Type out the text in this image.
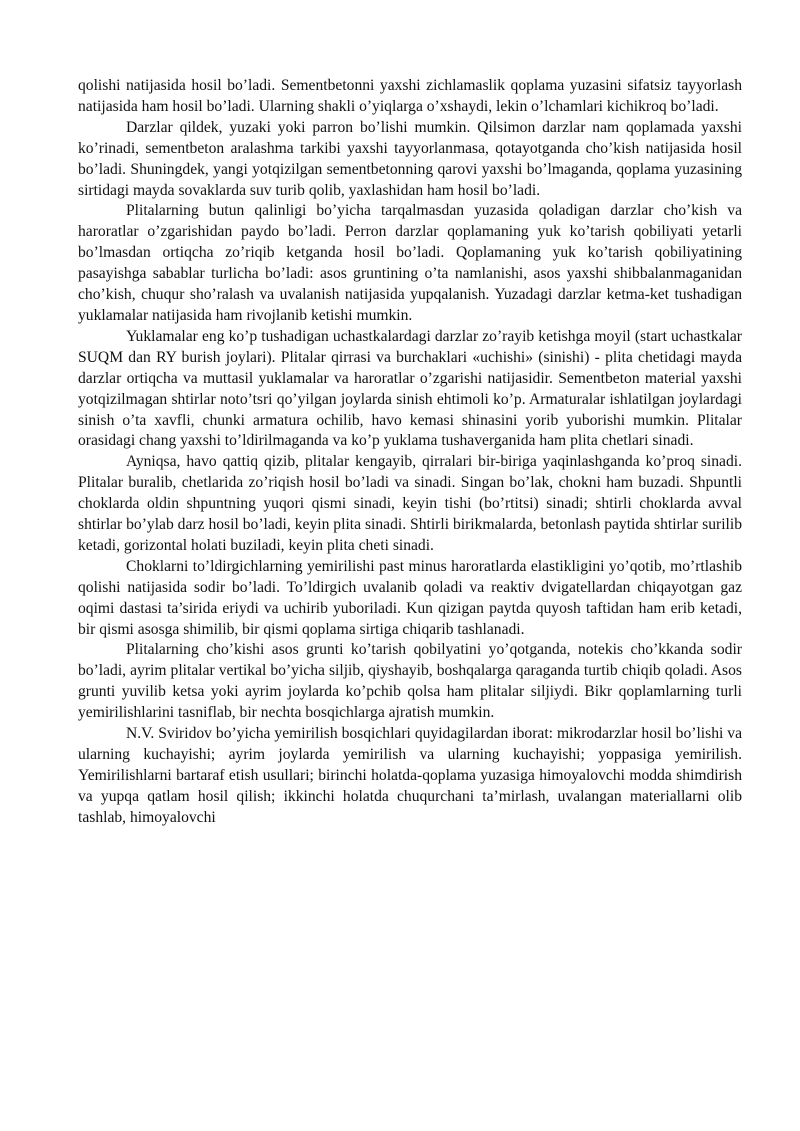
qolishi natijasida hosil bo’ladi. Sementbetonni yaxshi zichlamaslik qoplama yuzasini sifatsiz tayyorlash natijasida ham hosil bo’ladi. Ularning shakli o’yiqlarga o’xshaydi, lekin o’lchamlari kichikroq bo’ladi.

Darzlar qildek, yuzaki yoki parron bo’lishi mumkin. Qilsimon darzlar nam qoplamada yaxshi ko’rinadi, sementbeton aralashma tarkibi yaxshi tayyorlanmasa, qotayotganda cho’kish natijasida hosil bo’ladi. Shuningdek, yangi yotqizilgan sementbetonning qarovi yaxshi bo’lmaganda, qoplama yuzasining sirtidagi mayda sovaklarda suv turib qolib, yaxlashidan ham hosil bo’ladi.

Plitalarning butun qalinligi bo’yicha tarqalmasdan yuzasida qoladigan darzlar cho’kish va haroratlar o’zgarishidan paydo bo’ladi. Perron darzlar qoplamaning yuk ko’tarish qobiliyati yetarli bo’lmasdan ortiqcha zo’riqib ketganda hosil bo’ladi. Qoplamaning yuk ko’tarish qobiliyatining pasayishga sabablar turlicha bo’ladi: asos gruntining o’ta namlanishi, asos yaxshi shibbalanmaganidan cho’kish, chuqur sho’ralash va uvalanish natijasida yupqalanish. Yuzadagi darzlar ketma-ket tushadigan yuklamalar natijasida ham rivojlanib ketishi mumkin.

Yuklamalar eng ko’p tushadigan uchastkalardagi darzlar zo’rayib ketishga moyil (start uchastkalar SUQM dan RY burish joylari). Plitalar qirrasi va burchaklari «uchishi» (sinishi) - plita chetidagi mayda darzlar ortiqcha va muttasil yuklamalar va haroratlar o’zgarishi natijasidir. Sementbeton material yaxshi yotqizilmagan shtirlar noto’tsri qo’yilgan joylarda sinish ehtimoli ko’p. Armaturalar ishlatilgan joylardagi sinish o’ta xavfli, chunki armatura ochilib, havo kemasi shinasini yorib yuborishi mumkin. Plitalar orasidagi chang yaxshi to’ldirilmaganda va ko’p yuklama tushaverganida ham plita chetlari sinadi.

Ayniqsa, havo qattiq qizib, plitalar kengayib, qirralari bir-biriga yaqinlashganda ko’proq sinadi. Plitalar buralib, chetlarida zo’riqish hosil bo’ladi va sinadi. Singan bo’lak, chokni ham buzadi. Shpuntli choklarda oldin shpuntning yuqori qismi sinadi, keyin tishi (bo’rtitsi) sinadi; shtirli choklarda avval shtirlar bo’ylab darz hosil bo’ladi, keyin plita sinadi. Shtirli birikmalarda, betonlash paytida shtirlar surilib ketadi, gorizontal holati buziladi, keyin plita cheti sinadi.

Choklarni to’ldirgichlarning yemirilishi past minus haroratlarda elastikligini yo’qotib, mo’rtlashib qolishi natijasida sodir bo’ladi. To’ldirgich uvalanib qoladi va reaktiv dvigatellardan chiqayotgan gaz oqimi dastasi ta’sirida eriydi va uchirib yuboriladi. Kun qizigan paytda quyosh taftidan ham erib ketadi, bir qismi asosga shimilib, bir qismi qoplama sirtiga chiqarib tashlanadi.

Plitalarning cho’kishi asos grunti ko’tarish qobilyatini yo’qotganda, notekis cho’kkanda sodir bo’ladi, ayrim plitalar vertikal bo’yicha siljib, qiyshayib, boshqalarga qaraganda turtib chiqib qoladi. Asos grunti yuvilib ketsa yoki ayrim joylarda ko’pchib qolsa ham plitalar siljiydi. Bikr qoplamlarning turli yemirilishlarini tasniflab, bir nechta bosqichlarga ajratish mumkin.

N.V. Sviridov bo’yicha yemirilish bosqichlari quyidagilardan iborat: mikrodarzlar hosil bo’lishi va ularning kuchayishi; ayrim joylarda yemirilish va ularning kuchayishi; yoppasiga yemirilish. Yemirilishlarni bartaraf etish usullari; birinchi holatda-qoplama yuzasiga himoyalovchi modda shimdirish va yupqa qatlam hosil qilish; ikkinchi holatda chuqurchani ta’mirlash, uvalangan materiallarni olib tashlab, himoyalovchi
